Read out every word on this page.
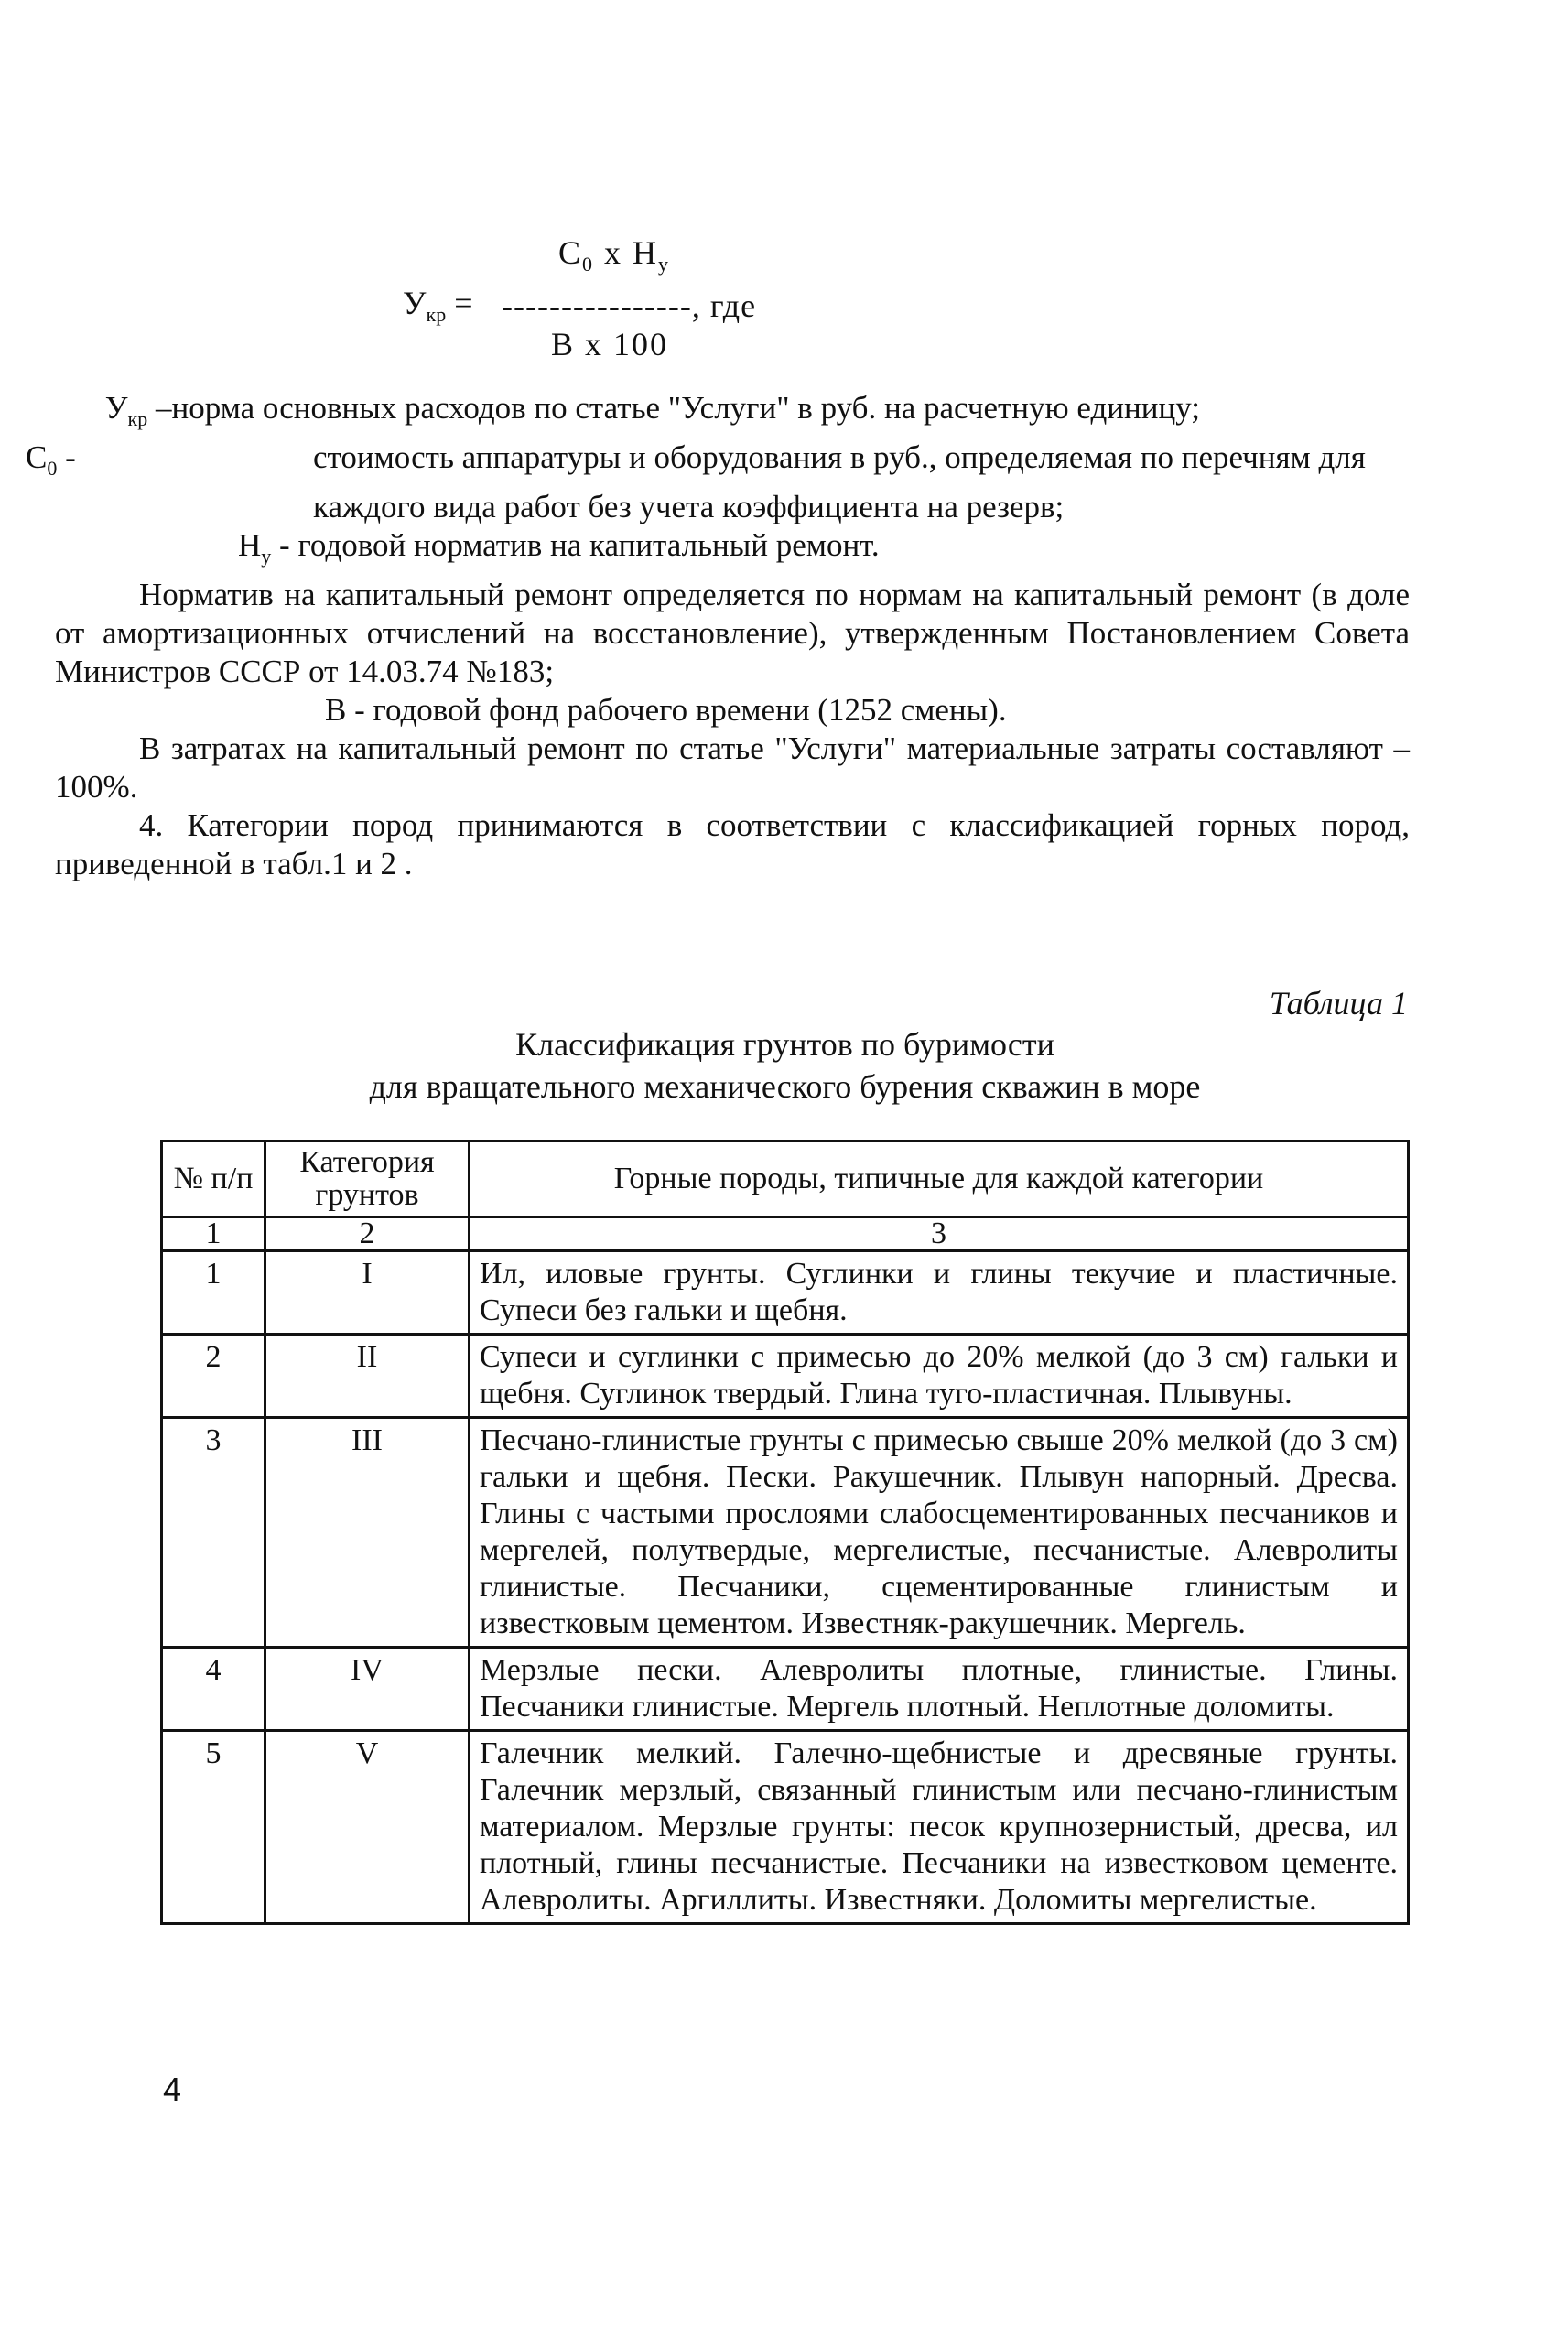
$У_{кр}$ =
$С_0$ х $Н_у$
----------------, где
В х 100

$У_{кр}$ –норма основных расходов по статье "Услуги" в руб. на расчетную единицу;

$С_0$ -	стоимость аппаратуры и оборудования в руб., определяемая по перечням для каждого вида работ без учета коэффициента на резерв;

$Н_у$ - годовой норматив на капитальный ремонт.

Норматив на капитальный ремонт определяется по нормам на капитальный ремонт (в доле от амортизационных отчислений на восстановление), утвержденным Постановлением Совета Министров СССР от 14.03.74 №183;

В - годовой фонд рабочего времени (1252 смены).

В затратах на капитальный ремонт по статье "Услуги" материальные затраты составляют – 100%.

4. Категории пород принимаются в соответствии с классификацией горных пород, приведенной в табл.1 и 2 .

Таблица 1
Классификация грунтов по буримости
для вращательного механического бурения скважин в море
№ п/п	Категория грунтов	Горные породы, типичные для каждой категории
1	2	3
1	I	Ил, иловые грунты. Суглинки и глины текучие и пластичные. Супеси без гальки и щебня.
2	II	Супеси и суглинки с примесью до 20% мелкой (до 3 см) гальки и щебня. Суглинок твердый. Глина туго-пластичная. Плывуны.
3	III	Песчано-глинистые грунты с примесью свыше 20% мелкой (до 3 см) гальки и щебня. Пески. Ракушечник. Плывун напорный. Дресва. Глины с частыми прослоями слабосцементированных песчаников и мергелей, полутвердые, мергелистые, песчанистые. Алевролиты глинистые. Песчаники, сцементированные глинистым и известковым цементом. Известняк-ракушечник. Мергель.
4	IV	Мерзлые пески. Алевролиты плотные, глинистые. Глины. Песчаники глинистые. Мергель плотный. Неплотные доломиты.
5	V	Галечник мелкий. Галечно-щебнистые и дресвяные грунты. Галечник мерзлый, связанный глинистым или песчано-глинистым материалом. Мерзлые грунты: песок крупнозернистый, дресва, ил плотный, глины песчанистые. Песчаники на известковом цементе. Алевролиты. Аргиллиты. Известняки. Доломиты мергелистые.
4
